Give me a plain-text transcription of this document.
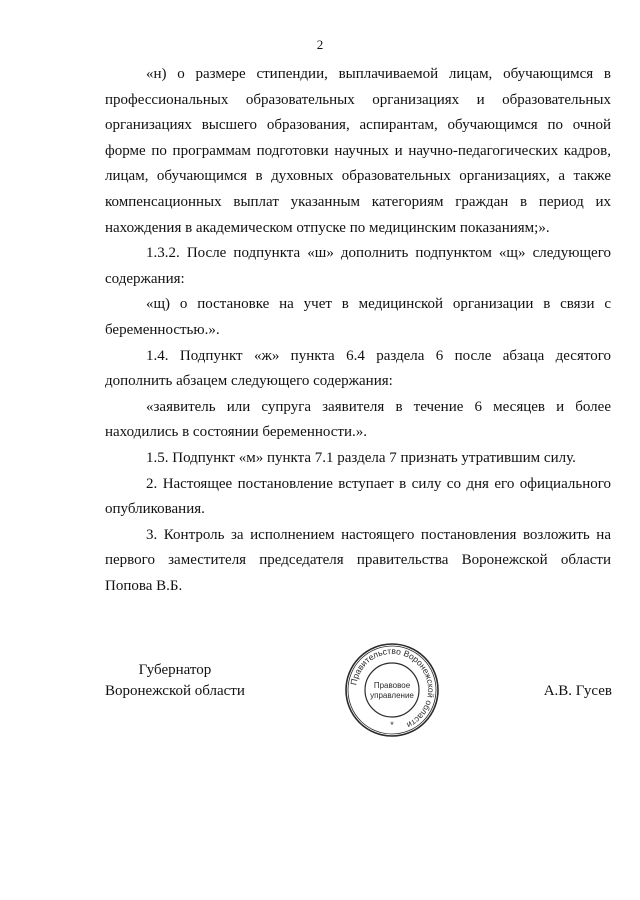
2

«н) о размере стипендии, выплачиваемой лицам, обучающимся в профессиональных образовательных организациях и образовательных организациях высшего образования, аспирантам, обучающимся по очной форме по программам подготовки научных и научно-педагогических кадров, лицам, обучающимся в духовных образовательных организациях, а также компенсационных выплат указанным категориям граждан в период их нахождения в академическом отпуске по медицинским показаниям;».

1.3.2. После подпункта «ш» дополнить подпунктом «щ» следующего содержания:

«щ) о постановке на учет в медицинской организации в связи с беременностью.».

1.4. Подпункт «ж» пункта 6.4 раздела 6 после абзаца десятого дополнить абзацем следующего содержания:

«заявитель или супруга заявителя в течение 6 месяцев и более находились в состоянии беременности.».

1.5. Подпункт «м» пункта 7.1 раздела 7 признать утратившим силу.

2. Настоящее постановление вступает в силу со дня его официального опубликования.

3. Контроль за исполнением настоящего постановления возложить на первого заместителя председателя правительства Воронежской области Попова В.Б.

Губернатор
Воронежской области	А.В. Гусев
Правительство Воронежской области
Правовое
управление
*
